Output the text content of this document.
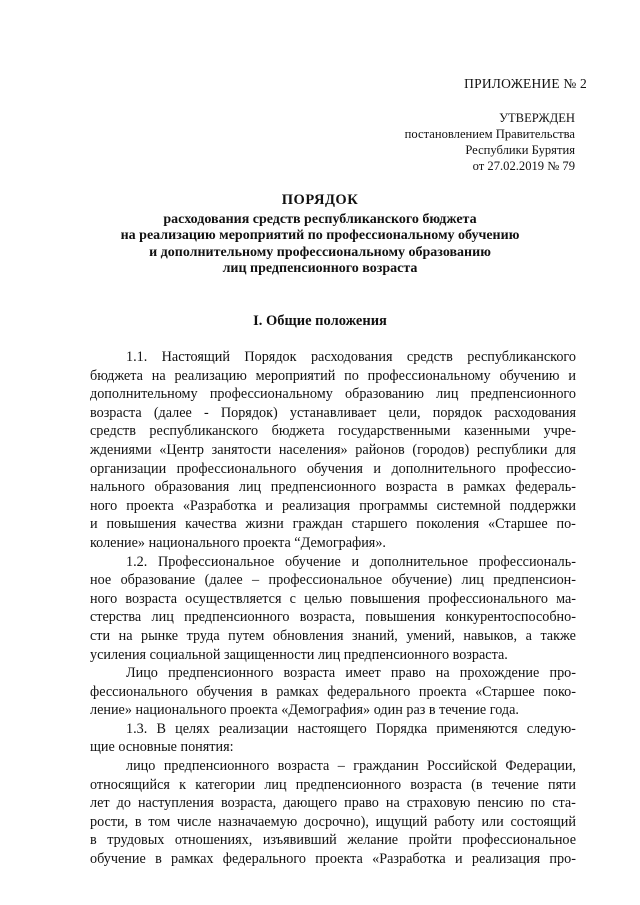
ПРИЛОЖЕНИЕ № 2
УТВЕРЖДЕН
постановлением Правительства
Республики Бурятия
от 27.02.2019 № 79
ПОРЯДОК
расходования средств республиканского бюджета
на реализацию мероприятий по профессиональному обучению
и дополнительному профессиональному образованию
лиц предпенсионного возраста
I. Общие положения
1.1. Настоящий Порядок расходования средств республиканского
бюджета на реализацию мероприятий по профессиональному обучению и
дополнительному профессиональному образованию лиц предпенсионного
возраста (далее - Порядок) устанавливает цели, порядок расходования
средств республиканского бюджета государственными казенными учре-
ждениями «Центр занятости населения» районов (городов) республики для
организации профессионального обучения и дополнительного профессио-
нального образования лиц предпенсионного возраста в рамках федераль-
ного проекта «Разработка и реализация программы системной поддержки
и повышения качества жизни граждан старшего поколения «Старшее по-
коление» национального проекта “Демография».
1.2. Профессиональное обучение и дополнительное профессиональ-
ное образование (далее – профессиональное обучение) лиц предпенсион-
ного возраста осуществляется с целью повышения профессионального ма-
стерства лиц предпенсионного возраста, повышения конкурентоспособно-
сти на рынке труда путем обновления знаний, умений, навыков, а также
усиления социальной защищенности лиц предпенсионного возраста.
Лицо предпенсионного возраста имеет право на прохождение про-
фессионального обучения в рамках федерального проекта «Старшее поко-
ление» национального проекта «Демография» один раз в течение года.
1.3. В целях реализации настоящего Порядка применяются следую-
щие основные понятия:
лицо предпенсионного возраста – гражданин Российской Федерации,
относящийся к категории лиц предпенсионного возраста (в течение пяти
лет до наступления возраста, дающего право на страховую пенсию по ста-
рости, в том числе назначаемую досрочно), ищущий работу или состоящий
в трудовых отношениях, изъявивший желание пройти профессиональное
обучение в рамках федерального проекта «Разработка и реализация про-
